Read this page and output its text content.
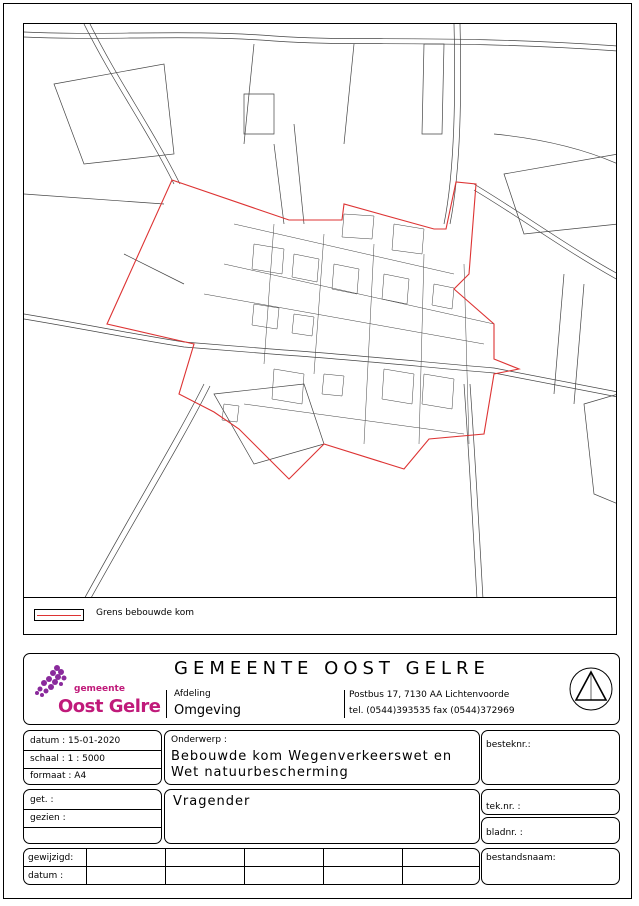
Grens bebouwde kom
gemeente
Oost Gelre
GEMEENTE OOST GELRE
Afdeling
Omgeving
Postbus 17, 7130 AA Lichtenvoorde
tel. (0544)393535 fax (0544)372969
datum : 15-01-2020
schaal : 1 : 5000
formaat : A4
Onderwerp :
Bebouwde kom Wegenverkeerswet en
Wet natuurbescherming
besteknr.:
get. :
gezien :
Vragender	tek.nr. :
bladnr. :
gewijzigd:
datum :
bestandsnaam:
